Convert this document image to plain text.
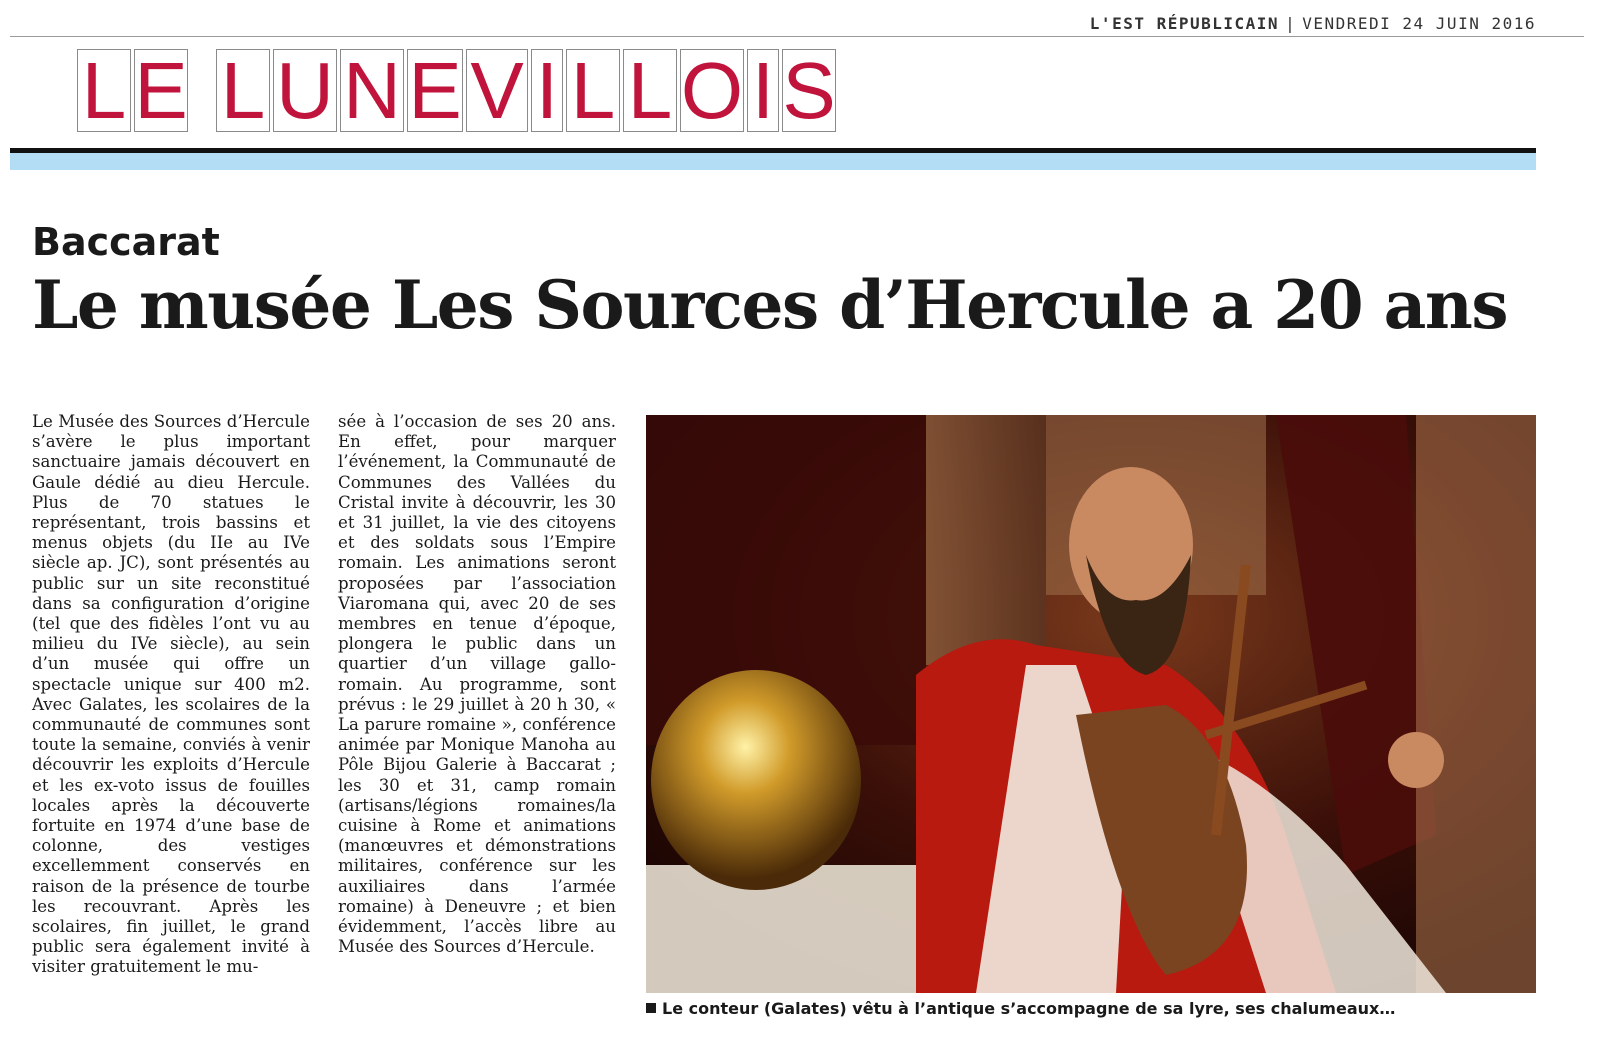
L'EST RÉPUBLICAIN | VENDREDI 24 JUIN 2016
L E L U N E V I L L O I S
Baccarat
Le musée Les Sources d’Hercule a 20 ans
Le Musée des Sources d’Hercule s’avère le plus important sanctuaire jamais découvert en Gaule dédié au dieu Hercule. Plus de 70 statues le représentant, trois bassins et menus objets (du IIe au IVe siècle ap. JC), sont présentés au public sur un site reconstitué dans sa configuration d’origine (tel que des fidèles l’ont vu au milieu du IVe siècle), au sein d’un musée qui offre un spectacle unique sur 400 m2. Avec Galates, les scolaires de la communauté de communes sont toute la semaine, conviés à venir découvrir les exploits d’Hercule et les ex-voto issus de fouilles locales après la découverte fortuite en 1974 d’une base de colonne, des vestiges excellemment conservés en raison de la présence de tourbe les recouvrant. Après les scolaires, fin juillet, le grand public sera également invité à visiter gratuitement le mu-
sée à l’occasion de ses 20 ans. En effet, pour marquer l’événement, la Communauté de Communes des Vallées du Cristal invite à découvrir, les 30 et 31 juillet, la vie des citoyens et des soldats sous l’Empire romain. Les animations seront proposées par l’association Viaromana qui, avec 20 de ses membres en tenue d’époque, plongera le public dans un quartier d’un village gallo-romain. Au programme, sont prévus : le 29 juillet à 20 h 30, « La parure romaine », conférence animée par Monique Manoha au Pôle Bijou Galerie à Baccarat ; les 30 et 31, camp romain (artisans/légions romaines/la cuisine à Rome et animations (manœuvres et démonstrations militaires, conférence sur les auxiliaires dans l’armée romaine) à Deneuvre ; et bien évidemment, l’accès libre au Musée des Sources d’Hercule.
Le conteur (Galates) vêtu à l’antique s’accompagne de sa lyre, ses chalumeaux…
